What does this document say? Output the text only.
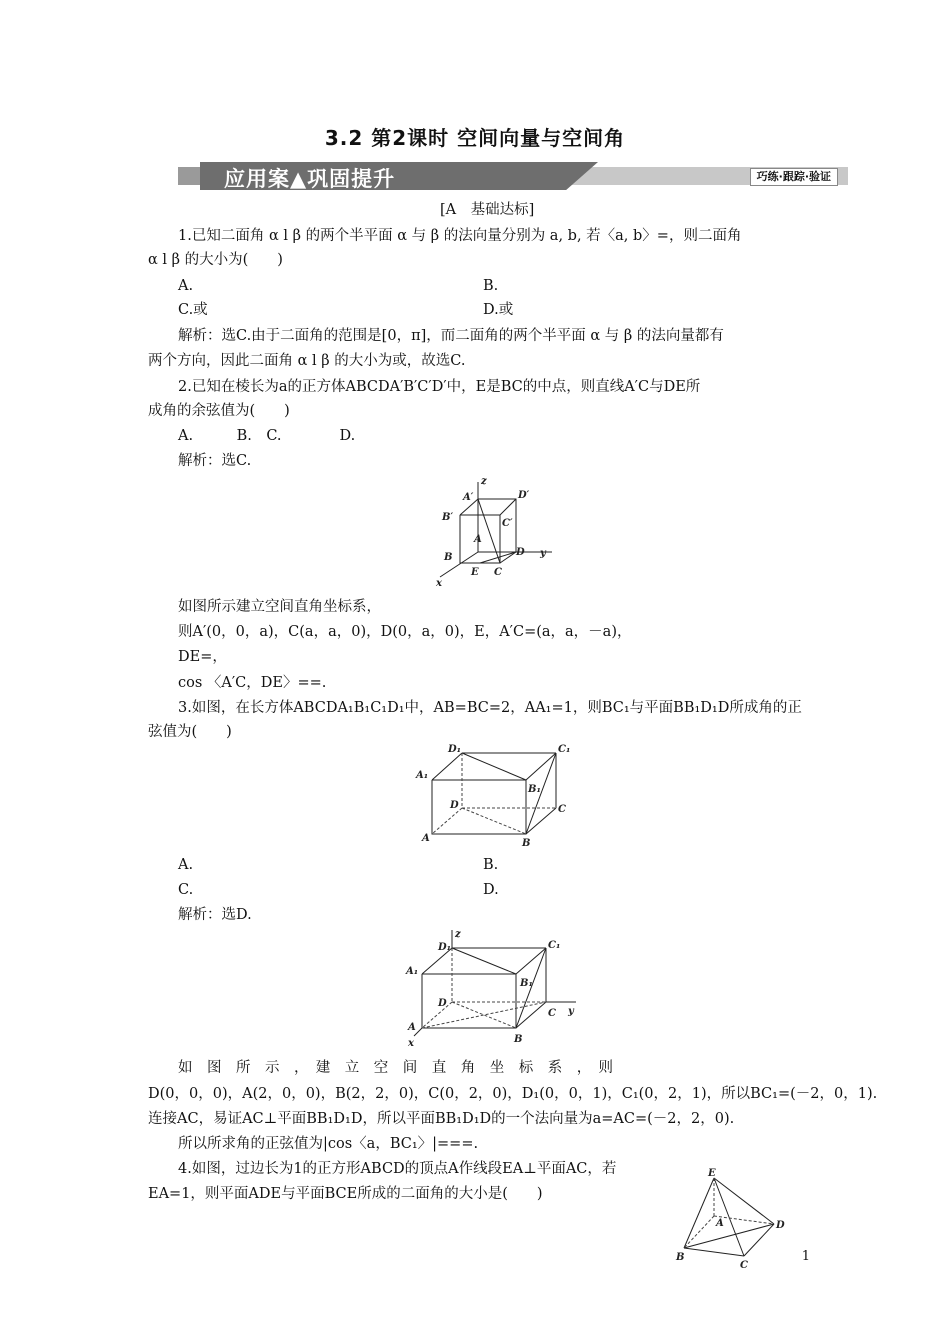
3.2 第2课时 空间向量与空间角
应用案▲巩固提升	巧练·跟踪·验证
[A　基础达标]
1.已知二面角 α l β 的两个半平面 α 与 β 的法向量分别为 a, b, 若〈a, b〉=，则二面角
α l β 的大小为(　　)
A.	B.
C.或	D.或
解析：选C.由于二面角的范围是[0，π]，而二面角的两个半平面 α 与 β 的法向量都有
两个方向，因此二面角 α l β 的大小为或，故选C.
2.已知在棱长为a的正方体ABCDA′B′C′D′中，E是BC的中点，则直线A′C与DE所
成角的余弦值为(　　)
A.　　　B.　C.　　　　D.
解析：选C.
z
A′	D′
B′
C′
A
B	D y
E C
x
如图所示建立空间直角坐标系，
则A′(0，0，a)，C(a，a，0)，D(0，a，0)，E，A′C=(a，a，－a)，
DE=，
cos 〈A′C，DE〉==.
3.如图，在长方体ABCDA₁B₁C₁D₁中，AB=BC=2，AA₁=1，则BC₁与平面BB₁D₁D所成角的正
弦值为(　　)
D₁	C₁
A₁
B₁
D	C
A	B
A.	B.
C.	D.
解析：选D.
z
D₁	C₁
A₁
B₁
D
C y
A
B
x
如　图　所　示　，　建　立　空　间　直　角　坐　标　系　，　则
D(0，0，0)，A(2，0，0)，B(2，2，0)，C(0，2，0)，D₁(0，0，1)，C₁(0，2，1)，所以BC₁=(－2，0，1).
连接AC，易证AC⊥平面BB₁D₁D，所以平面BB₁D₁D的一个法向量为a=AC=(－2，2，0).
所以所求角的正弦值为|cos〈a，BC₁〉|===.
4.如图，过边长为1的正方形ABCD的顶点A作线段EA⊥平面AC，若
EA=1，则平面ADE与平面BCE所成的二面角的大小是(　　)
E
A	D
B
C
1
